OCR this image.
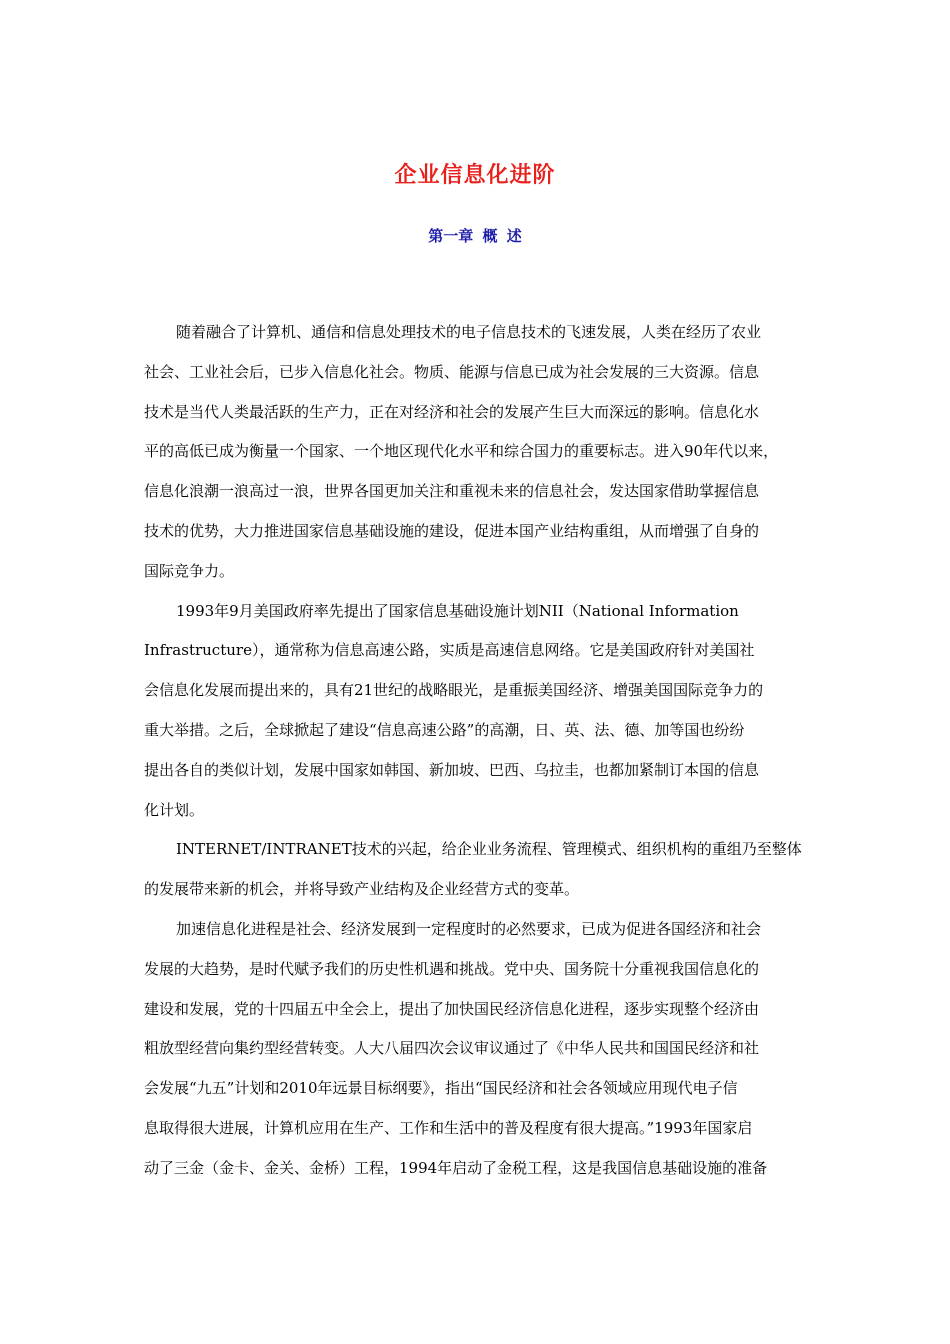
企业信息化进阶
第一章 概 述
随着融合了计算机、通信和信息处理技术的电子信息技术的飞速发展，人类在经历了农业
社会、工业社会后，已步入信息化社会。物质、能源与信息已成为社会发展的三大资源。信息
技术是当代人类最活跃的生产力，正在对经济和社会的发展产生巨大而深远的影响。信息化水
平的高低已成为衡量一个国家、一个地区现代化水平和综合国力的重要标志。进入90年代以来，
信息化浪潮一浪高过一浪，世界各国更加关注和重视未来的信息社会，发达国家借助掌握信息
技术的优势，大力推进国家信息基础设施的建设，促进本国产业结构重组，从而增强了自身的
国际竞争力。
1993年9月美国政府率先提出了国家信息基础设施计划NII（National Information
Infrastructure），通常称为信息高速公路，实质是高速信息网络。它是美国政府针对美国社
会信息化发展而提出来的，具有21世纪的战略眼光，是重振美国经济、增强美国国际竞争力的
重大举措。之后，全球掀起了建设“信息高速公路”的高潮，日、英、法、德、加等国也纷纷
提出各自的类似计划，发展中国家如韩国、新加坡、巴西、乌拉圭，也都加紧制订本国的信息
化计划。
INTERNET/INTRANET技术的兴起，给企业业务流程、管理模式、组织机构的重组乃至整体
的发展带来新的机会，并将导致产业结构及企业经营方式的变革。
加速信息化进程是社会、经济发展到一定程度时的必然要求，已成为促进各国经济和社会
发展的大趋势，是时代赋予我们的历史性机遇和挑战。党中央、国务院十分重视我国信息化的
建设和发展，党的十四届五中全会上，提出了加快国民经济信息化进程，逐步实现整个经济由
粗放型经营向集约型经营转变。人大八届四次会议审议通过了《中华人民共和国国民经济和社
会发展“九五”计划和2010年远景目标纲要》，指出“国民经济和社会各领域应用现代电子信
息取得很大进展，计算机应用在生产、工作和生活中的普及程度有很大提高。”1993年国家启
动了三金（金卡、金关、金桥）工程，1994年启动了金税工程，这是我国信息基础设施的准备
